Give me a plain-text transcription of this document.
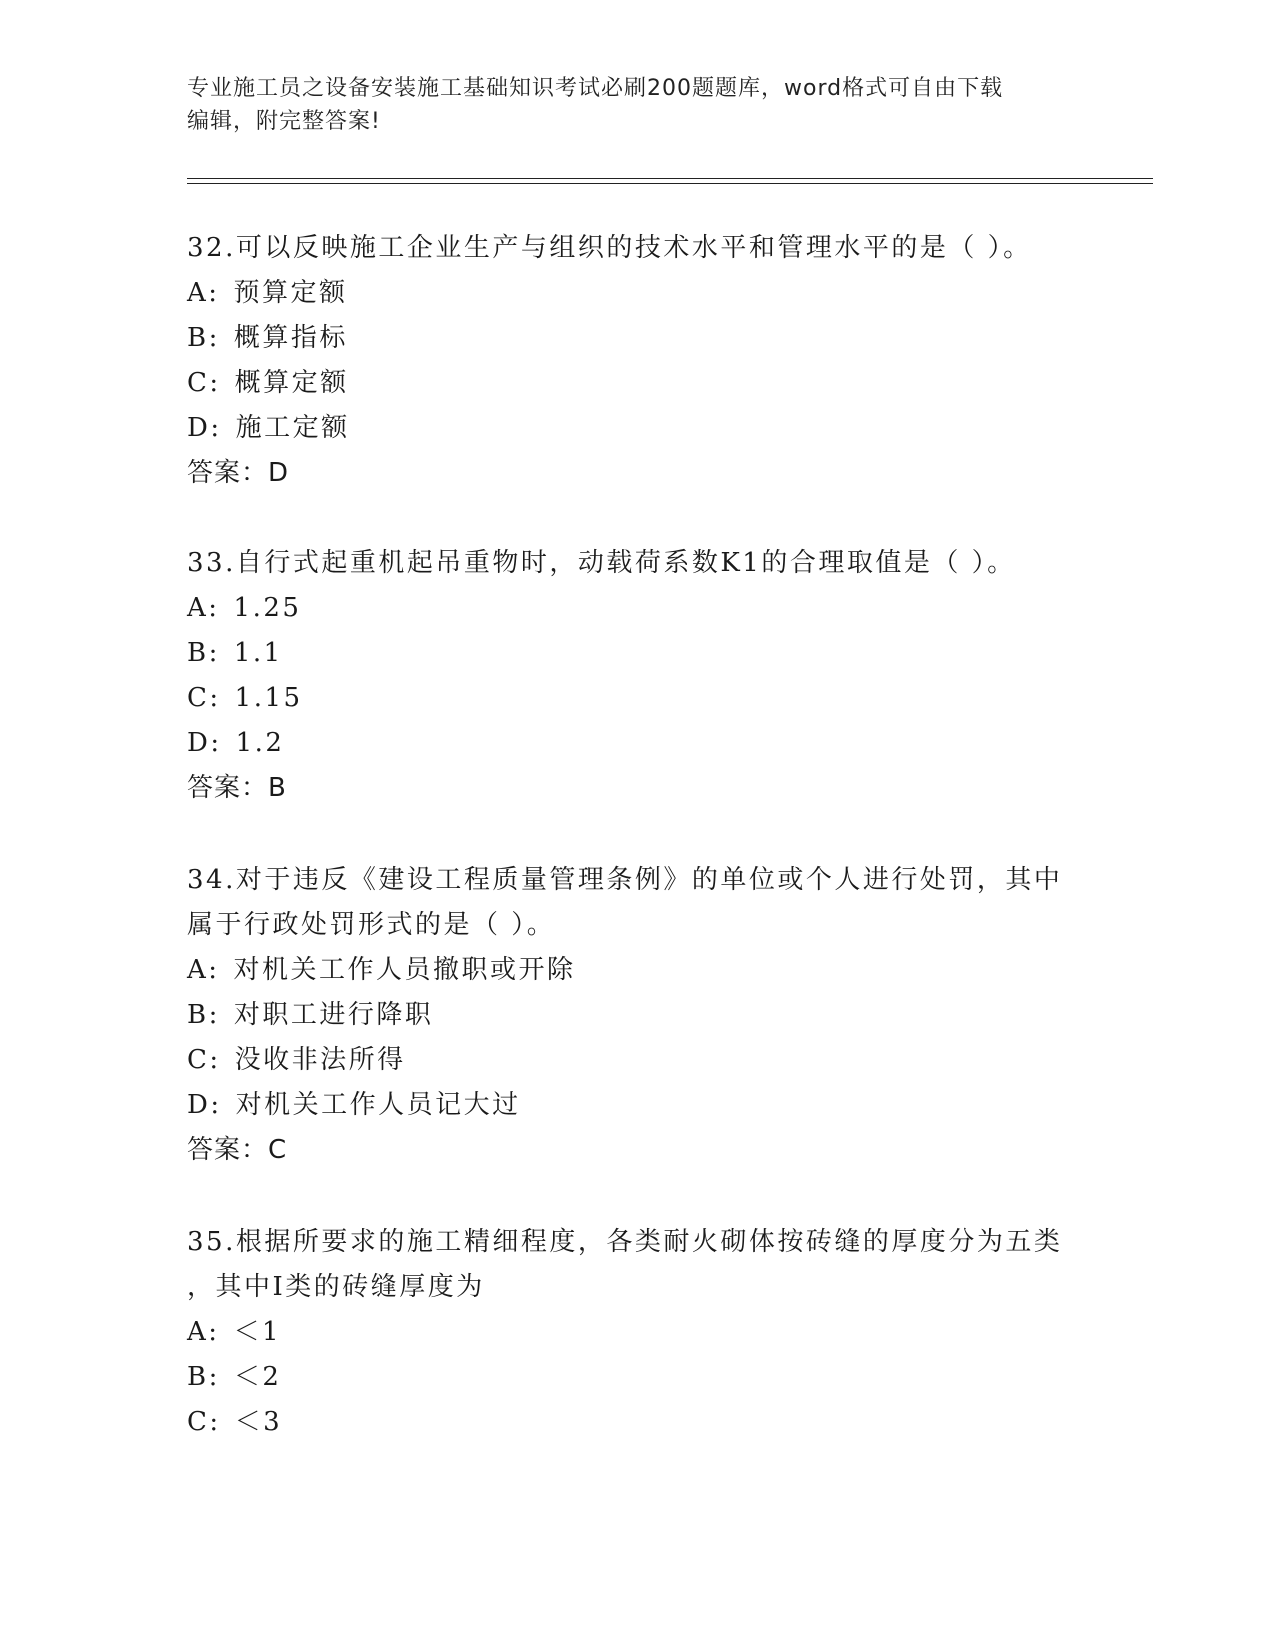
专业施工员之设备安装施工基础知识考试必刷200题题库，word格式可自由下载
编辑，附完整答案!
32.可以反映施工企业生产与组织的技术水平和管理水平的是（ ）。
A: 预算定额
B: 概算指标
C: 概算定额
D: 施工定额
答案：D
33.自行式起重机起吊重物时，动载荷系数K1的合理取值是（ ）。
A: 1.25
B: 1.1
C: 1.15
D: 1.2
答案：B
34.对于违反《建设工程质量管理条例》的单位或个人进行处罚，其中
属于行政处罚形式的是（ ）。
A: 对机关工作人员撤职或开除
B: 对职工进行降职
C: 没收非法所得
D: 对机关工作人员记大过
答案：C
35.根据所要求的施工精细程度，各类耐火砌体按砖缝的厚度分为五类
，其中Ⅰ类的砖缝厚度为
A: ＜1
B: ＜2
C: ＜3
